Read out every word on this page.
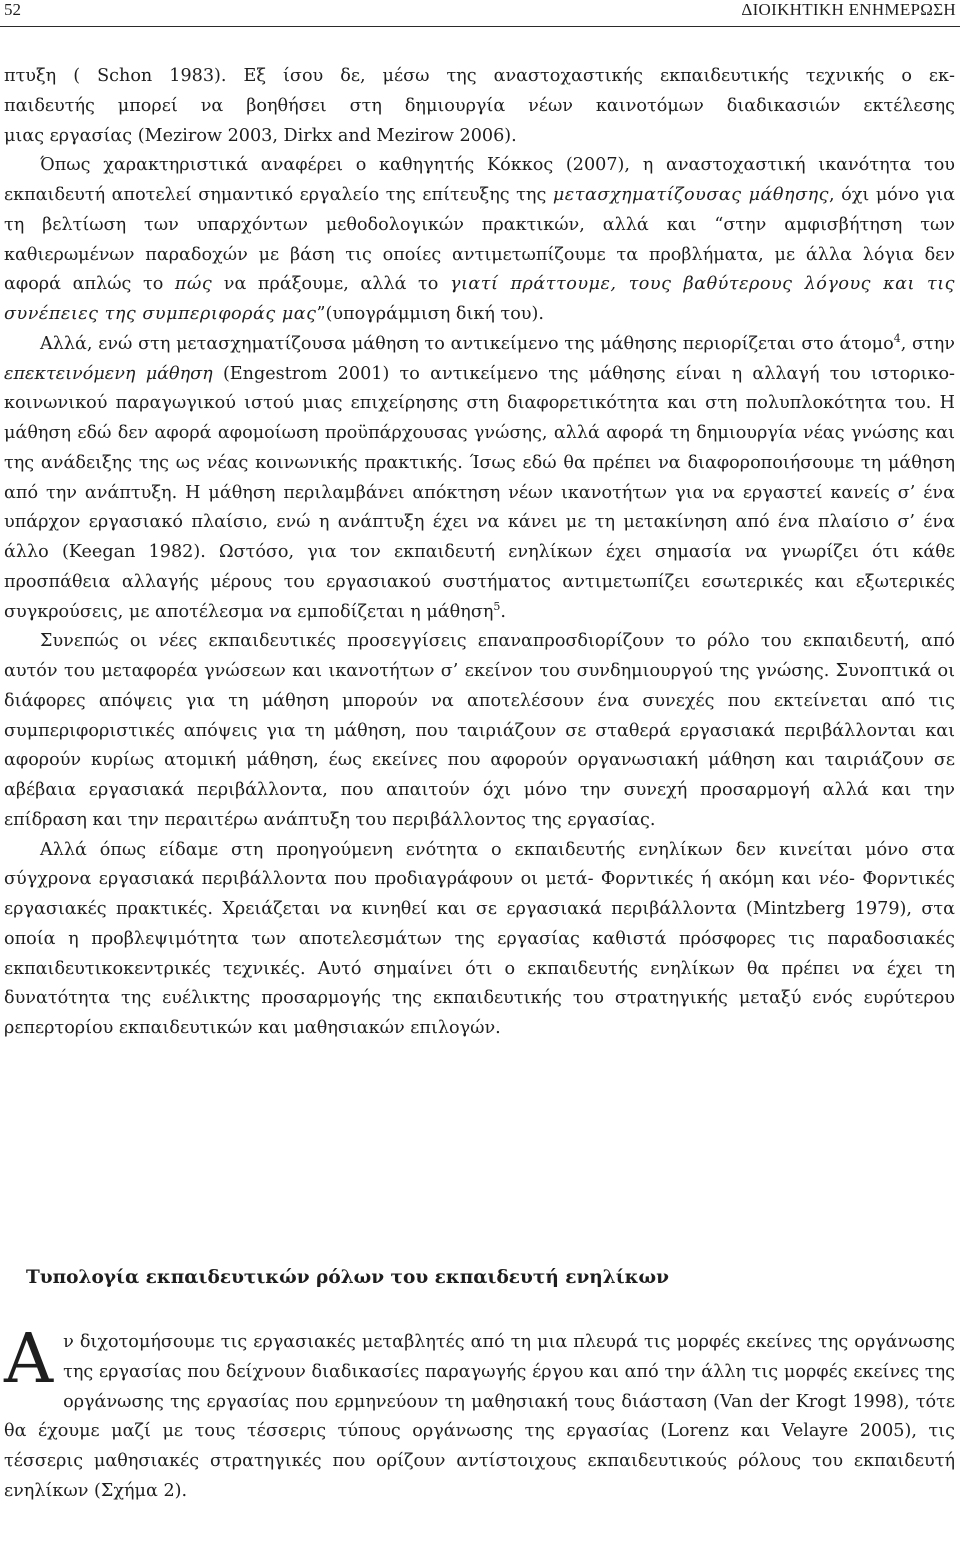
52	ΔΙΟΙΚΗΤΙΚΗ ΕΝΗΜΕΡΩΣΗ
πτυξη ( Schon 1983). Εξ ίσου δε, μέσω της αναστοχαστικής εκπαιδευτικής τεχνικής ο εκ-
παιδευτής μπορεί να βοηθήσει στη δημιουργία νέων καινοτόμων διαδικασιών εκτέλεσης
μιας εργασίας (Mezirow 2003, Dirkx and Mezirow 2006).

Όπως χαρακτηριστικά αναφέρει ο καθηγητής Κόκκος (2007), η αναστοχαστική ικανότητα του εκπαιδευτή αποτελεί σημαντικό εργαλείο της επίτευξης της μετασχηματίζουσας μάθησης, όχι μόνο για τη βελτίωση των υπαρχόντων μεθοδολογικών πρακτικών, αλλά και “στην αμφισβήτηση των καθιερωμένων παραδοχών με βάση τις οποίες αντιμετωπίζουμε τα προβλήματα, με άλλα λόγια δεν αφορά απλώς το πώς να πράξουμε, αλλά το γιατί πράττουμε, τους βαθύτερους λόγους και τις συνέπειες της συμπεριφοράς μας”(υπογράμμιση δική του).

Αλλά, ενώ στη μετασχηματίζουσα μάθηση το αντικείμενο της μάθησης περιορίζεται στο άτομο$^4$, στην επεκτεινόμενη μάθηση (Engestrom 2001) το αντικείμενο της μάθησης είναι η αλλαγή του ιστορικο- κοινωνικού παραγωγικού ιστού μιας επιχείρησης στη διαφορετικότητα και στη πολυπλοκότητα του. Η μάθηση εδώ δεν αφορά αφομοίωση προϋπάρχουσας γνώσης, αλλά αφορά τη δημιουργία νέας γνώσης και της ανάδειξης της ως νέας κοινωνικής πρακτικής. Ίσως εδώ θα πρέπει να διαφοροποιήσουμε τη μάθηση από την ανάπτυξη. Η μάθηση περιλαμβάνει απόκτηση νέων ικανοτήτων για να εργαστεί κανείς σ’ ένα υπάρχον εργασιακό πλαίσιο, ενώ η ανάπτυξη έχει να κάνει με τη μετακίνηση από ένα πλαίσιο σ’ ένα άλλο (Keegan 1982). Ωστόσο, για τον εκπαιδευτή ενηλίκων έχει σημασία να γνωρίζει ότι κάθε προσπάθεια αλλαγής μέρους του εργασιακού συστήματος αντιμετωπίζει εσωτερικές και εξωτερικές συγκρούσεις, με αποτέλεσμα να εμποδίζεται η μάθηση$^5$.

Συνεπώς οι νέες εκπαιδευτικές προσεγγίσεις επαναπροσδιορίζουν το ρόλο του εκπαιδευτή, από αυτόν του μεταφορέα γνώσεων και ικανοτήτων σ’ εκείνον του συνδημιουργού της γνώσης. Συνοπτικά οι διάφορες απόψεις για τη μάθηση μπορούν να αποτελέσουν ένα συνεχές που εκτείνεται από τις συμπεριφοριστικές απόψεις για τη μάθηση, που ταιριάζουν σε σταθερά εργασιακά περιβάλλονται και αφορούν κυρίως ατομική μάθηση, έως εκείνες που αφορούν οργανωσιακή μάθηση και ταιριάζουν σε αβέβαια εργασιακά περιβάλλοντα, που απαιτούν όχι μόνο την συνεχή προσαρμογή αλλά και την επίδραση και την περαιτέρω ανάπτυξη του περιβάλλοντος της εργασίας.

Αλλά όπως είδαμε στη προηγούμενη ενότητα ο εκπαιδευτής ενηλίκων δεν κινείται μόνο στα σύγχρονα εργασιακά περιβάλλοντα που προδιαγράφουν οι μετά- Φορντικές ή ακόμη και νέο- Φορντικές εργασιακές πρακτικές. Χρειάζεται να κινηθεί και σε εργασιακά περιβάλλοντα (Mintzberg 1979), στα οποία η προβλεψιμότητα των αποτελεσμάτων της εργασίας καθιστά πρόσφορες τις παραδοσιακές εκπαιδευτικοκεντρικές τεχνικές. Αυτό σημαίνει ότι ο εκπαιδευτής ενηλίκων θα πρέπει να έχει τη δυνατότητα της ευέλικτης προσαρμογής της εκπαιδευτικής του στρατηγικής μεταξύ ενός ευρύτερου ρεπερτορίου εκπαιδευτικών και μαθησιακών επιλογών.

Τυπολογία εκπαιδευτικών ρόλων του εκπαιδευτή ενηλίκων
Α ν διχοτομήσουμε τις εργασιακές μεταβλητές από τη μια πλευρά τις μορφές εκείνες της οργάνωσης της εργασίας που δείχνουν διαδικασίες παραγωγής έργου και από την άλλη τις μορφές εκείνες της οργάνωσης της εργασίας που ερμηνεύουν τη μαθησιακή τους διάσταση (Van der Krogt 1998), τότε θα έχουμε μαζί με τους τέσσερις τύπους οργάνωσης της εργασίας (Lorenz και Velayre 2005), τις τέσσερις μαθησιακές στρατηγικές που ορίζουν αντίστοιχους εκπαιδευτικούς ρόλους του εκπαιδευτή ενηλίκων (Σχήμα 2).
